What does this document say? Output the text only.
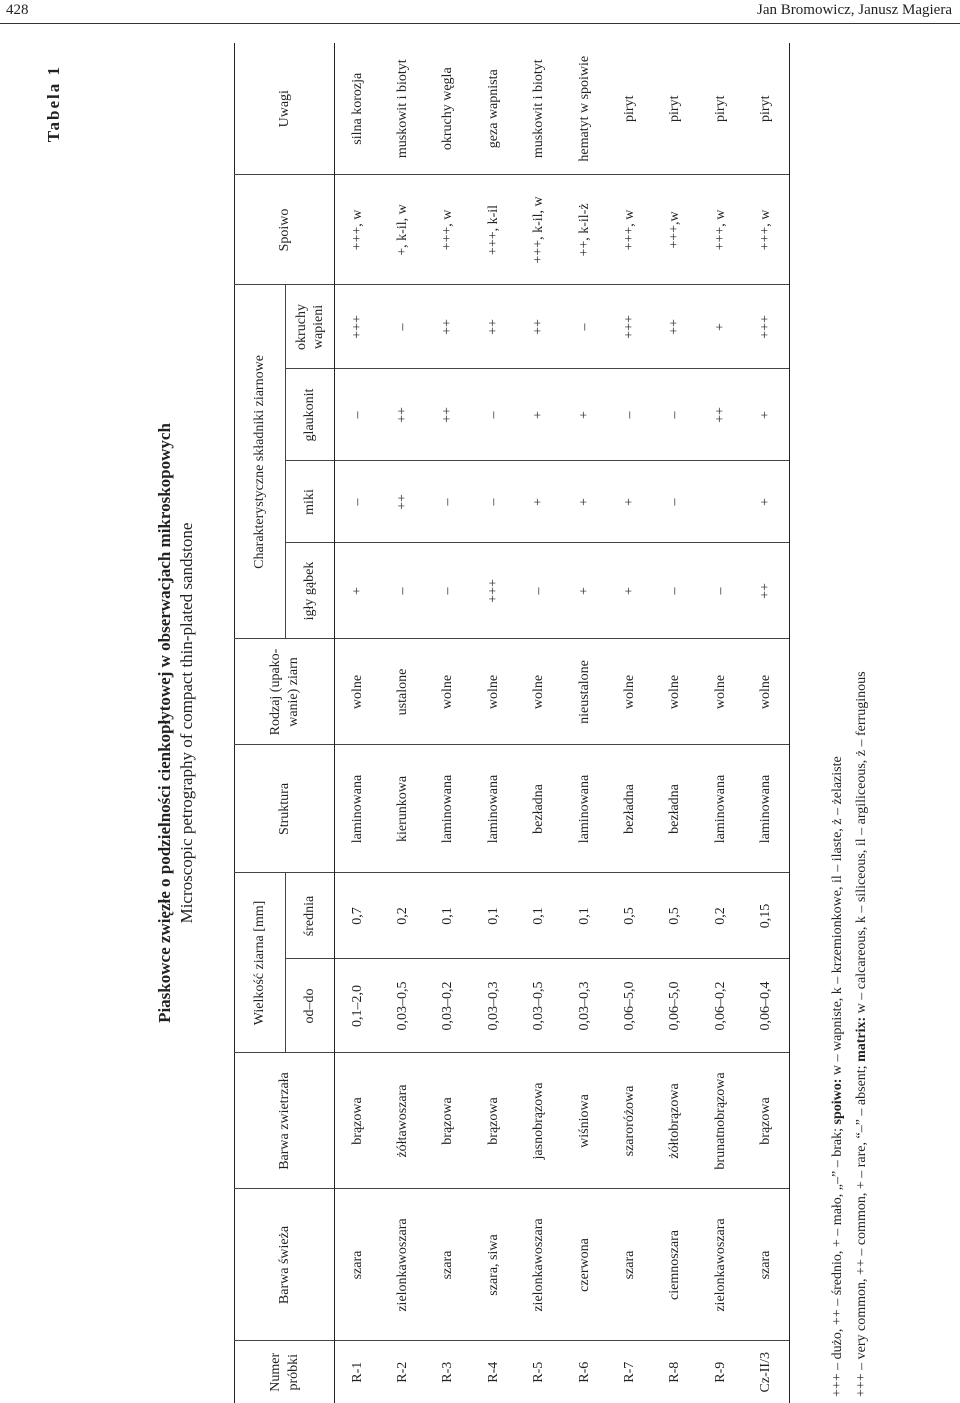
428	Jan Bromowicz, Janusz Magiera
Tabela 1
Piaskowce zwięzłe o podzielności cienkopłytowej w obserwacjach mikroskopowych Microscopic petrography of compact thin-plated sandstone
Numer próbki	Barwa świeża	Barwa zwietrzała	Wielkość ziarna [mm]		Struktura	Rodzaj (upako-wanie) ziarn	Charakterystyczne składniki ziarnowe				Spoiwo	Uwagi
			od–do	średnia			igły gąbek	miki	glaukonit	okruchy wapieni		
R-1	szara	brązowa	0,1–2,0	0,7	laminowana	wolne	+	–	–	+++	+++, w	silna korozja
R-2	zielonkawoszara	żółtawoszara	0,03–0,5	0,2	kierunkowa	ustalone	–	++	++	–	+, k-il, w	muskowit i biotyt
R-3	szara	brązowa	0,03–0,2	0,1	laminowana	wolne	–	–	++	++	+++, w	okruchy węgla
R-4	szara, siwa	brązowa	0,03–0,3	0,1	laminowana	wolne	+++	–	–	++	+++, k-il	geza wapnista
R-5	zielonkawoszara	jasnobrązowa	0,03–0,5	0,1	bezładna	wolne	–	+	+	++	+++, k-il, w	muskowit i biotyt
R-6	czerwona	wiśniowa	0,03–0,3	0,1	laminowana	nieustalone	+	+	+	–	++, k-il-ż	hematyt w spoiwie
R-7	szara	szaroróżowa	0,06–5,0	0,5	bezładna	wolne	+	+	–	+++	+++, w	piryt
R-8	ciemnoszara	żółtobrązowa	0,06–5,0	0,5	bezładna	wolne	–	–	–	++	+++,w	piryt
R-9	zielonkawoszara	brunatnobrązowa	0,06–0,2	0,2	laminowana	wolne	–		++	+	+++, w	piryt
Cz-II/3	szara	brązowa	0,06–0,4	0,15	laminowana	wolne	++	+	+	+++	+++, w	piryt
+++ – dużo, ++ – średnio, + – mało, „–” – brak; spoiwo: w – wapniste, k – krzemionkowe, il – ilaste, ż – żelaziste
+++ – very common, ++ – common, + – rare, “–” – absent; matrix: w – calcareous, k – siliceous, il – argiliceous, ż – ferruginous
